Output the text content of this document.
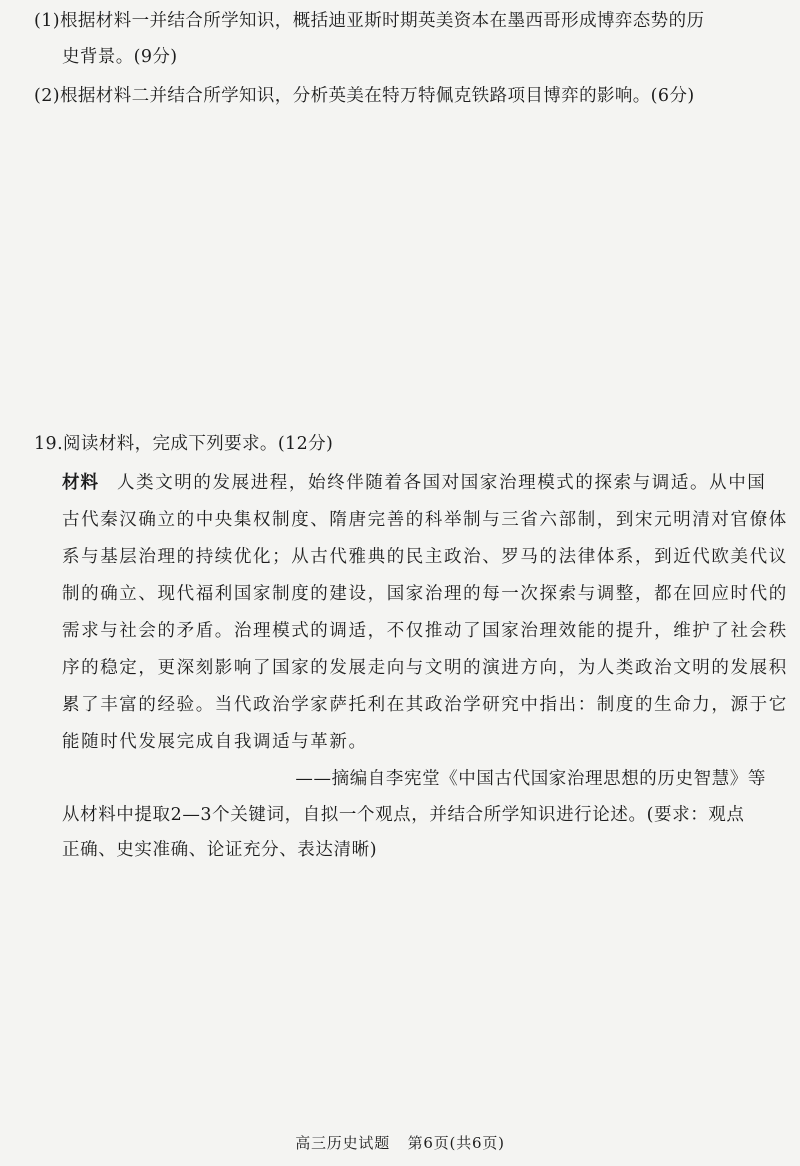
(1)根据材料一并结合所学知识，概括迪亚斯时期英美资本在墨西哥形成博弈态势的历
史背景。(9分)
(2)根据材料二并结合所学知识，分析英美在特万特佩克铁路项目博弈的影响。(6分)
19.阅读材料，完成下列要求。(12分)
材料 人类文明的发展进程，始终伴随着各国对国家治理模式的探索与调适。从中国
古代秦汉确立的中央集权制度、隋唐完善的科举制与三省六部制，到宋元明清对官僚体
系与基层治理的持续优化；从古代雅典的民主政治、罗马的法律体系，到近代欧美代议
制的确立、现代福利国家制度的建设，国家治理的每一次探索与调整，都在回应时代的
需求与社会的矛盾。治理模式的调适，不仅推动了国家治理效能的提升，维护了社会秩
序的稳定，更深刻影响了国家的发展走向与文明的演进方向，为人类政治文明的发展积
累了丰富的经验。当代政治学家萨托利在其政治学研究中指出：制度的生命力，源于它
能随时代发展完成自我调适与革新。
——摘编自李宪堂《中国古代国家治理思想的历史智慧》等
从材料中提取2—3个关键词，自拟一个观点，并结合所学知识进行论述。(要求：观点
正确、史实准确、论证充分、表达清晰)
高三历史试题 第6页(共6页)
